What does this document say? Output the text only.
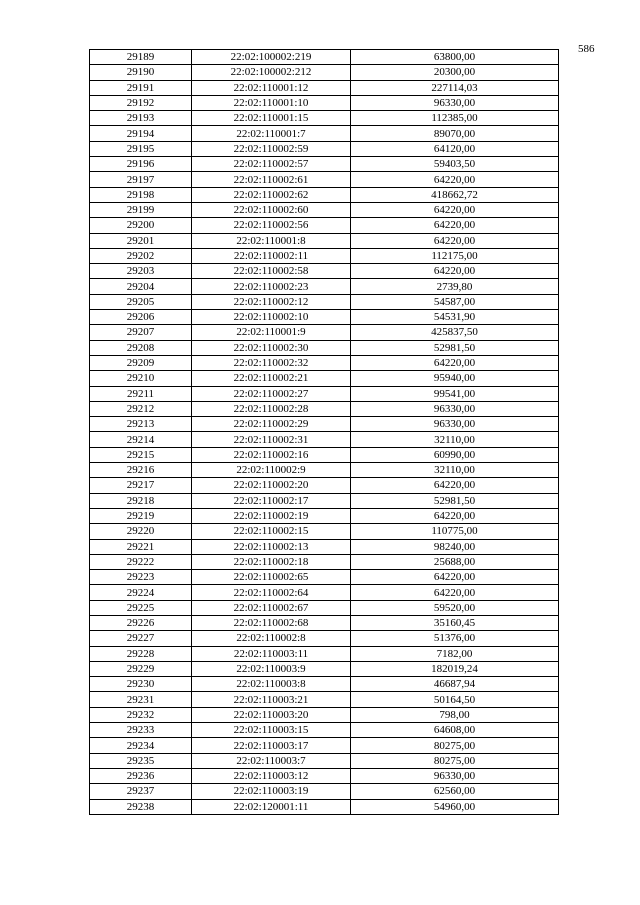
586
29189	22:02:100002:219	63800,00
29190	22:02:100002:212	20300,00
29191	22:02:110001:12	227114,03
29192	22:02:110001:10	96330,00
29193	22:02:110001:15	112385,00
29194	22:02:110001:7	89070,00
29195	22:02:110002:59	64120,00
29196	22:02:110002:57	59403,50
29197	22:02:110002:61	64220,00
29198	22:02:110002:62	418662,72
29199	22:02:110002:60	64220,00
29200	22:02:110002:56	64220,00
29201	22:02:110001:8	64220,00
29202	22:02:110002:11	112175,00
29203	22:02:110002:58	64220,00
29204	22:02:110002:23	2739,80
29205	22:02:110002:12	54587,00
29206	22:02:110002:10	54531,90
29207	22:02:110001:9	425837,50
29208	22:02:110002:30	52981,50
29209	22:02:110002:32	64220,00
29210	22:02:110002:21	95940,00
29211	22:02:110002:27	99541,00
29212	22:02:110002:28	96330,00
29213	22:02:110002:29	96330,00
29214	22:02:110002:31	32110,00
29215	22:02:110002:16	60990,00
29216	22:02:110002:9	32110,00
29217	22:02:110002:20	64220,00
29218	22:02:110002:17	52981,50
29219	22:02:110002:19	64220,00
29220	22:02:110002:15	110775,00
29221	22:02:110002:13	98240,00
29222	22:02:110002:18	25688,00
29223	22:02:110002:65	64220,00
29224	22:02:110002:64	64220,00
29225	22:02:110002:67	59520,00
29226	22:02:110002:68	35160,45
29227	22:02:110002:8	51376,00
29228	22:02:110003:11	7182,00
29229	22:02:110003:9	182019,24
29230	22:02:110003:8	46687,94
29231	22:02:110003:21	50164,50
29232	22:02:110003:20	798,00
29233	22:02:110003:15	64608,00
29234	22:02:110003:17	80275,00
29235	22:02:110003:7	80275,00
29236	22:02:110003:12	96330,00
29237	22:02:110003:19	62560,00
29238	22:02:120001:11	54960,00
